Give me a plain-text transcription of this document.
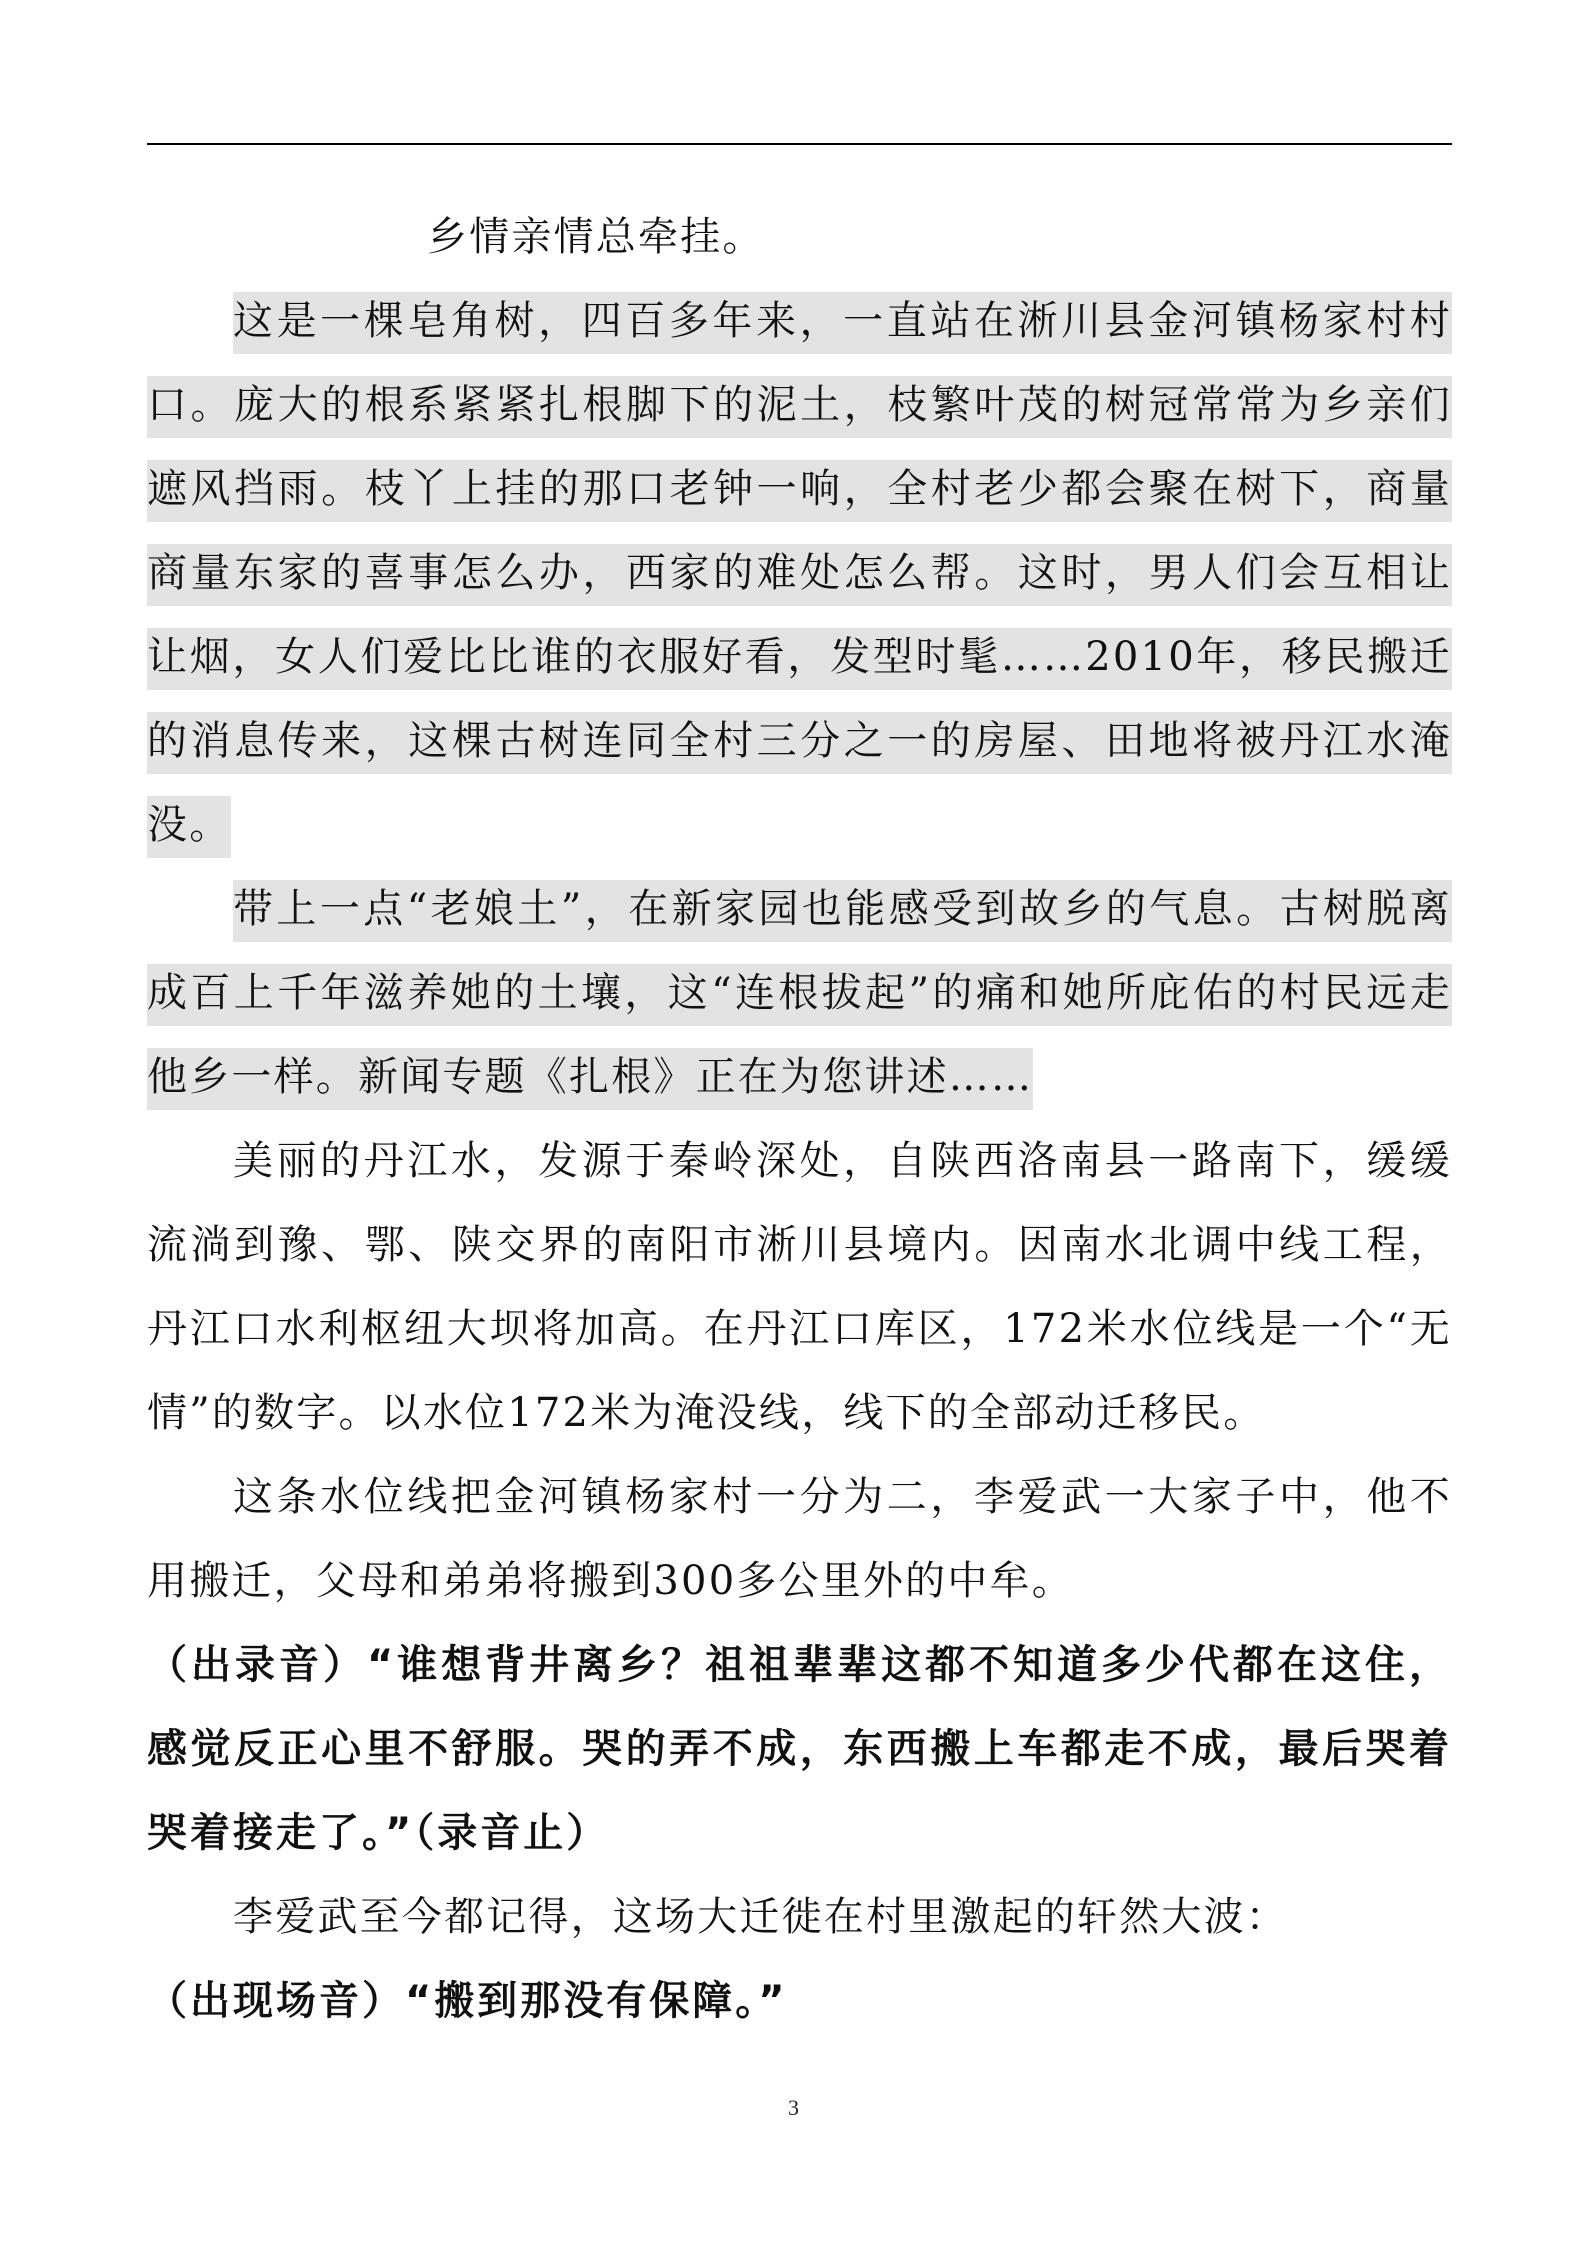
乡情亲情总牵挂。

这是一棵皂角树，四百多年来，一直站在淅川县金河镇杨家村村口。庞大的根系紧紧扎根脚下的泥土，枝繁叶茂的树冠常常为乡亲们遮风挡雨。枝丫上挂的那口老钟一响，全村老少都会聚在树下，商量商量东家的喜事怎么办，西家的难处怎么帮。这时，男人们会互相让让烟，女人们爱比比谁的衣服好看，发型时髦……2010年，移民搬迁的消息传来，这棵古树连同全村三分之一的房屋、田地将被丹江水淹没。

带上一点“老娘土”，在新家园也能感受到故乡的气息。古树脱离成百上千年滋养她的土壤，这“连根拔起”的痛和她所庇佑的村民远走他乡一样。新闻专题《扎根》正在为您讲述……

美丽的丹江水，发源于秦岭深处，自陕西洛南县一路南下，缓缓流淌到豫、鄂、陕交界的南阳市淅川县境内。因南水北调中线工程，丹江口水利枢纽大坝将加高。在丹江口库区，172米水位线是一个“无情”的数字。以水位172米为淹没线，线下的全部动迁移民。

这条水位线把金河镇杨家村一分为二，李爱武一大家子中，他不用搬迁，父母和弟弟将搬到300多公里外的中牟。

（出录音）“谁想背井离乡？祖祖辈辈这都不知道多少代都在这住，感觉反正心里不舒服。哭的弄不成，东西搬上车都走不成，最后哭着哭着接走了。”（录音止）

李爱武至今都记得，这场大迁徙在村里激起的轩然大波：

（出现场音）“搬到那没有保障。”

3
